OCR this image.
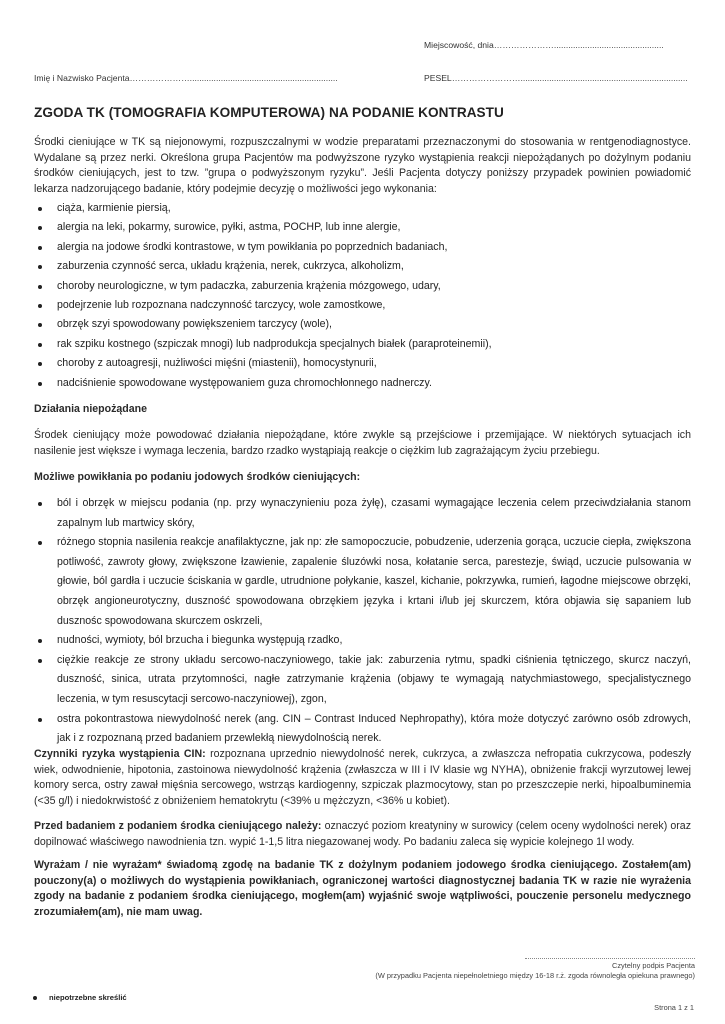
Miejscowość, dnia…………………..............................................
Imię i Nazwisko Pacjenta…………………..............................................................	PESEL……………………......................................................................
ZGODA TK (TOMOGRAFIA KOMPUTEROWA) NA PODANIE KONTRASTU
Środki cieniujące w TK są niejonowymi, rozpuszczalnymi w wodzie preparatami przeznaczonymi do stosowania w rentgenodiagnostyce. Wydalane są przez nerki. Określona grupa Pacjentów ma podwyższone ryzyko wystąpienia reakcji niepożądanych po dożylnym podaniu środków cieniujących, jest to tzw. ”grupa o podwyższonym ryzyku”. Jeśli Pacjenta dotyczy poniższy przypadek powinien powiadomić lekarza nadzorującego badanie, który podejmie decyzję o możliwości jego wykonania:
ciąża, karmienie piersią,
alergia na leki, pokarmy, surowice, pyłki, astma, POCHP, lub inne alergie,
alergia na jodowe środki kontrastowe, w tym powikłania po poprzednich badaniach,
zaburzenia czynność serca, układu krążenia, nerek, cukrzyca, alkoholizm,
choroby neurologiczne, w tym padaczka, zaburzenia krążenia mózgowego, udary,
podejrzenie lub rozpoznana nadczynność tarczycy, wole zamostkowe,
obrzęk szyi spowodowany powiększeniem tarczycy (wole),
rak szpiku kostnego (szpiczak mnogi) lub nadprodukcja specjalnych białek (paraproteinemii),
choroby z autoagresji, nużliwości mięśni (miastenii), homocystynurii,
nadciśnienie spowodowane występowaniem guza chromochłonnego nadnerczy.
Działania niepożądane
Środek cieniujący może powodować działania niepożądane, które zwykle są przejściowe i przemijające. W niektórych sytuacjach ich nasilenie jest większe i wymaga leczenia, bardzo rzadko wystąpiają reakcje o ciężkim lub zagrażającym życiu przebiegu.
Możliwe powikłania po podaniu jodowych środków cieniujących:
ból i obrzęk w miejscu podania (np. przy wynaczynieniu poza żyłę), czasami wymagające leczenia celem przeciwdziałania stanom zapalnym lub martwicy skóry,
różnego stopnia nasilenia reakcje anafilaktyczne, jak np: złe samopoczucie, pobudzenie, uderzenia gorąca, uczucie ciepła, zwiększona potliwość, zawroty głowy, zwiększone łzawienie, zapalenie śluzówki nosa, kołatanie serca, parestezje, świąd, uczucie pulsowania w głowie, ból gardła i uczucie ściskania w gardle, utrudnione połykanie, kaszel, kichanie, pokrzywka, rumień, łagodne miejscowe obrzęki, obrzęk angioneurotyczny, duszność spowodowana obrzękiem języka i krtani i/lub jej skurczem, która objawia się sapaniem lub dusznośc spowodowana skurczem oskrzeli,
nudności, wymioty, ból brzucha i biegunka występują rzadko,
ciężkie reakcje ze strony układu sercowo-naczyniowego, takie jak: zaburzenia rytmu, spadki ciśnienia tętniczego, skurcz naczyń, duszność, sinica, utrata przytomności, nagłe zatrzymanie krążenia (objawy te wymagają natychmiastowego, specjalistycznego leczenia, w tym resuscytacji sercowo-naczyniowej), zgon,
ostra pokontrastowa niewydolność nerek (ang. CIN – Contrast Induced Nephropathy), która może dotyczyć zarówno osób zdrowych, jak i z rozpoznaną przed badaniem przewlekłą niewydolnością nerek.
Czynniki ryzyka wystąpienia CIN: rozpoznana uprzednio niewydolność nerek, cukrzyca, a zwłaszcza nefropatia cukrzycowa, podeszły wiek, odwodnienie, hipotonia, zastoinowa niewydolność krążenia (zwłaszcza w III i IV klasie wg NYHA), obniżenie frakcji wyrzutowej lewej komory serca, ostry zawał mięśnia sercowego, wstrząs kardiogenny, szpiczak plazmocytowy, stan po przeszczepie nerki, hipoalbuminemia (<35 g/l) i niedokrwistość z obniżeniem hematokrytu (<39% u mężczyzn, <36% u kobiet).
Przed badaniem z podaniem środka cieniującego należy: oznaczyć poziom kreatyniny w surowicy (celem oceny wydolności nerek) oraz dopilnować właściwego nawodnienia tzn. wypić 1-1,5 litra niegazowanej wody. Po badaniu zaleca się wypicie kolejnego 1l wody.
Wyrażam / nie wyrażam* świadomą zgodę na badanie TK z dożylnym podaniem jodowego środka cieniującego. Zostałem(am) pouczony(a) o możliwych do wystąpienia powikłaniach, ograniczonej wartości diagnostycznej badania TK w razie nie wyrażenia zgody na badanie z podaniem środka cieniującego, mogłem(am) wyjaśnić swoje wątpliwości, pouczenie personelu medycznego zrozumiałem(am), nie mam uwag.
Czytelny podpis Pacjenta
(W przypadku Pacjenta niepełnoletniego między 16-18 r.ż. zgoda równoległa opiekuna prawnego)
niepotrzebne skreślić
Strona 1 z 1
